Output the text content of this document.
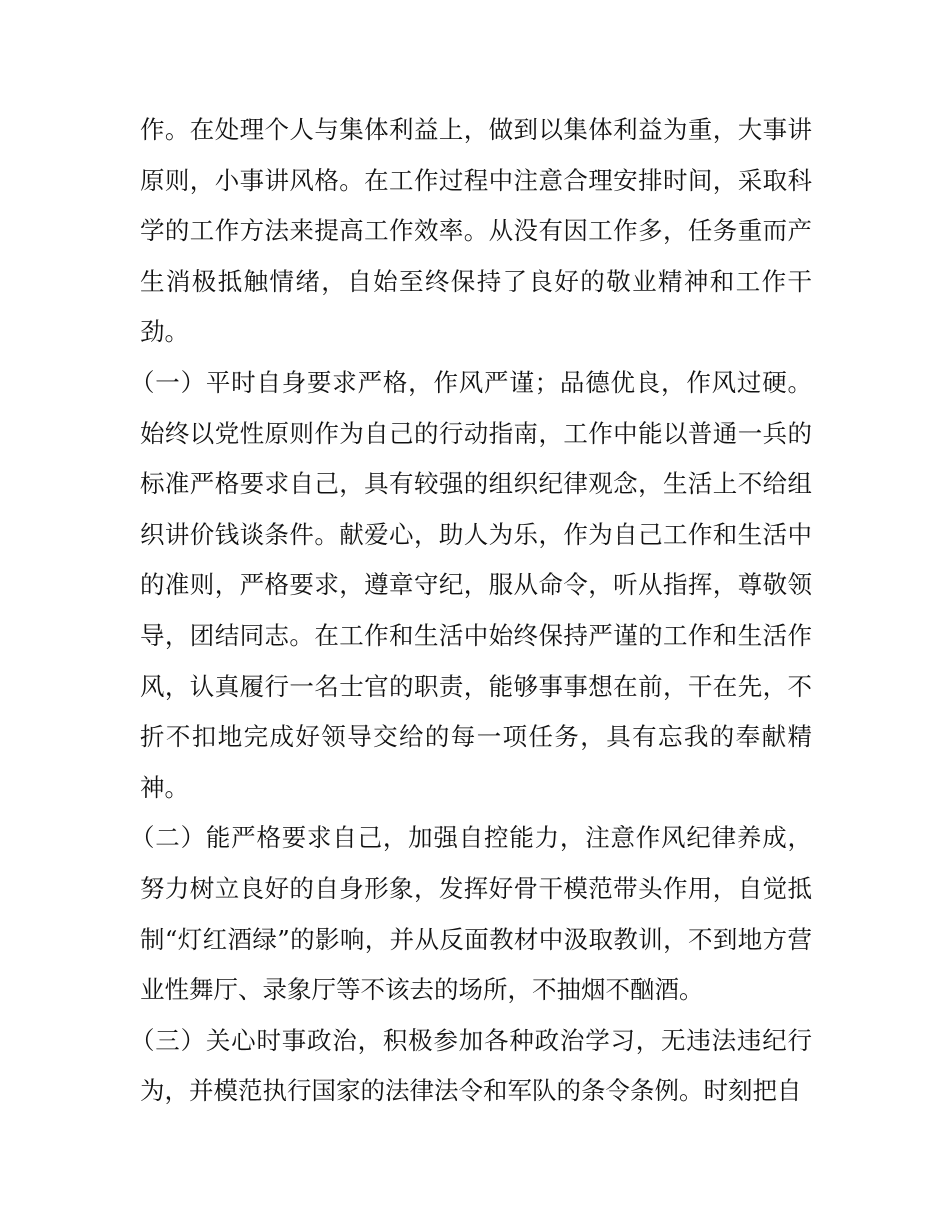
作。在处理个人与集体利益上，做到以集体利益为重，大事讲原则，小事讲风格。在工作过程中注意合理安排时间，采取科学的工作方法来提高工作效率。从没有因工作多，任务重而产生消极抵触情绪，自始至终保持了良好的敬业精神和工作干劲。

（一）平时自身要求严格，作风严谨；品德优良，作风过硬。始终以党性原则作为自己的行动指南，工作中能以普通一兵的标准严格要求自己，具有较强的组织纪律观念，生活上不给组织讲价钱谈条件。献爱心，助人为乐，作为自己工作和生活中的准则，严格要求，遵章守纪，服从命令，听从指挥，尊敬领导，团结同志。在工作和生活中始终保持严谨的工作和生活作风，认真履行一名士官的职责，能够事事想在前，干在先，不折不扣地完成好领导交给的每一项任务，具有忘我的奉献精神。

（二）能严格要求自己，加强自控能力，注意作风纪律养成，努力树立良好的自身形象，发挥好骨干模范带头作用，自觉抵制“灯红酒绿”的影响，并从反面教材中汲取教训，不到地方营业性舞厅、录象厅等不该去的场所，不抽烟不酗酒。

（三）关心时事政治，积极参加各种政治学习，无违法违纪行为，并模范执行国家的法律法令和军队的条令条例。时刻把自
